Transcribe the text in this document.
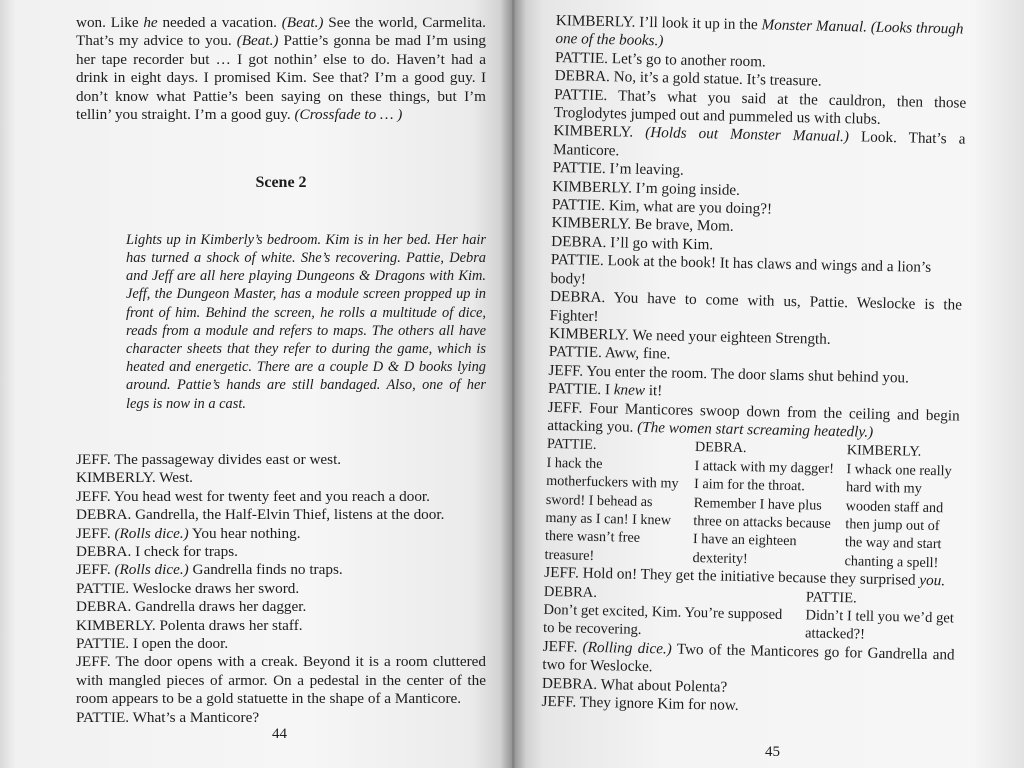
won. Like he needed a vacation. (Beat.) See the world, Carmelita. That’s my advice to you. (Beat.) Pattie’s gonna be mad I’m using her tape recorder but … I got nothin’ else to do. Haven’t had a drink in eight days. I promised Kim. See that? I’m a good guy. I don’t know what Pattie’s been saying on these things, but I’m tellin’ you straight. I’m a good guy. (Crossfade to … )

Scene 2

Lights up in Kimberly’s bedroom. Kim is in her bed. Her hair has turned a shock of white. She’s recovering. Pattie, Debra and Jeff are all here playing Dungeons & Dragons with Kim. Jeff, the Dungeon Master, has a module screen propped up in front of him. Behind the screen, he rolls a multitude of dice, reads from a module and refers to maps. The others all have character sheets that they refer to during the game, which is heated and energetic. There are a couple D & D books lying around. Pattie’s hands are still bandaged. Also, one of her legs is now in a cast.

JEFF. The passageway divides east or west.

KIMBERLY. West.

JEFF. You head west for twenty feet and you reach a door.

DEBRA. Gandrella, the Half-Elvin Thief, listens at the door.

JEFF. (Rolls dice.) You hear nothing.

DEBRA. I check for traps.

JEFF. (Rolls dice.) Gandrella finds no traps.

PATTIE. Weslocke draws her sword.

DEBRA. Gandrella draws her dagger.

KIMBERLY. Polenta draws her staff.

PATTIE. I open the door.

JEFF. The door opens with a creak. Beyond it is a room cluttered with mangled pieces of armor. On a pedestal in the center of the room appears to be a gold statuette in the shape of a Manticore.

PATTIE. What’s a Manticore?

44

KIMBERLY. I’ll look it up in the Monster Manual. (Looks through one of the books.)

PATTIE. Let’s go to another room.

DEBRA. No, it’s a gold statue. It’s treasure.

PATTIE. That’s what you said at the cauldron, then those Troglodytes jumped out and pummeled us with clubs.

KIMBERLY. (Holds out Monster Manual.) Look. That’s a Manticore.

PATTIE. I’m leaving.

KIMBERLY. I’m going inside.

PATTIE. Kim, what are you doing?!

KIMBERLY. Be brave, Mom.

DEBRA. I’ll go with Kim.

PATTIE. Look at the book! It has claws and wings and a lion’s body!

DEBRA. You have to come with us, Pattie. Weslocke is the Fighter!

KIMBERLY. We need your eighteen Strength.

PATTIE. Aww, fine.

JEFF. You enter the room. The door slams shut behind you.

PATTIE. I knew it!

JEFF. Four Manticores swoop down from the ceiling and begin attacking you. (The women start screaming heatedly.)

PATTIE.
I hack the motherfuckers with my sword! I behead as many as I can! I knew there wasn’t free treasure!
DEBRA.
I attack with my dagger! I aim for the throat. Remember I have plus three on attacks because I have an eighteen dexterity!
KIMBERLY.
I whack one really hard with my wooden staff and then jump out of the way and start chanting a spell!

JEFF. Hold on! They get the initiative because they surprised you.

DEBRA.
Don’t get excited, Kim. You’re supposed to be recovering.
PATTIE.
Didn’t I tell you we’d get attacked?!

JEFF. (Rolling dice.) Two of the Manticores go for Gandrella and two for Weslocke.

DEBRA. What about Polenta?

JEFF. They ignore Kim for now.

45
